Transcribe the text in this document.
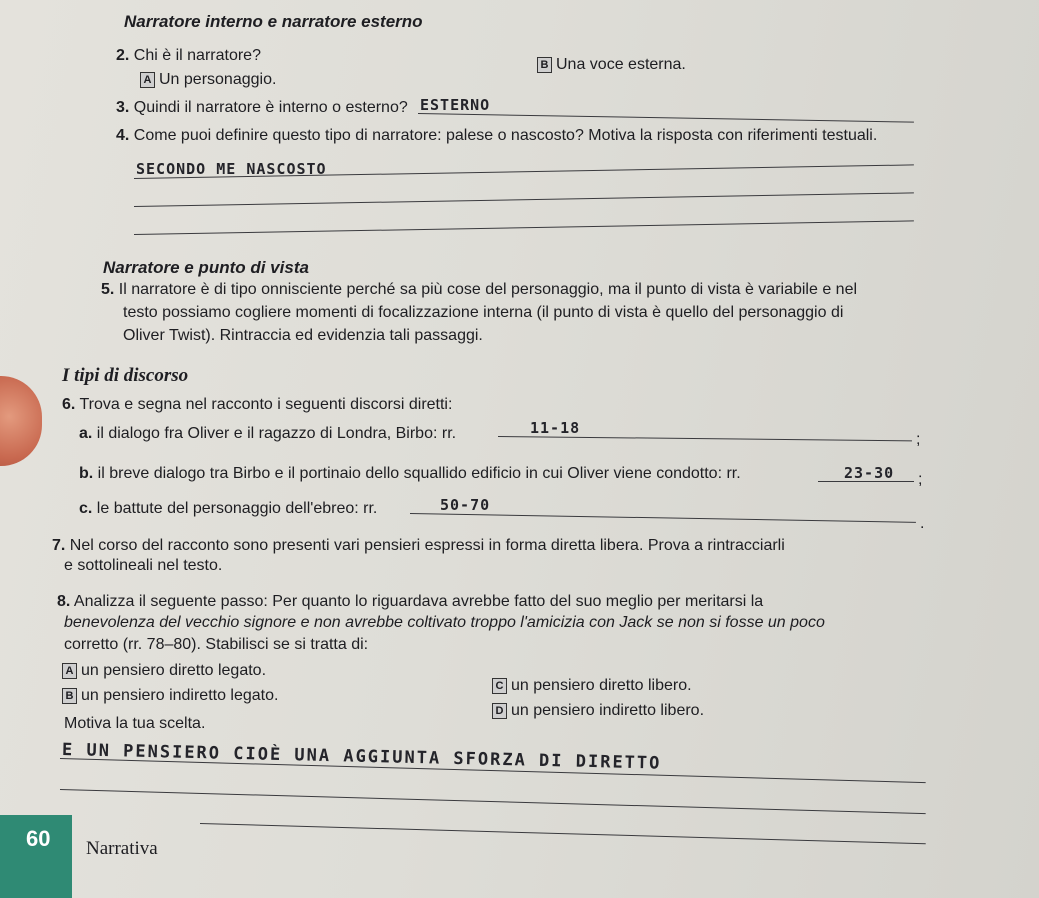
Narratore interno e narratore esterno
2. Chi è il narratore?
A Un personaggio.
B Una voce esterna.
3. Quindi il narratore è interno o esterno? ESTERNO
4. Come puoi definire questo tipo di narratore: palese o nascosto? Motiva la risposta con riferimenti testuali.
SECONDO ME NASCOSTO
Narratore e punto di vista
5. Il narratore è di tipo onnisciente perché sa più cose del personaggio, ma il punto di vista è variabile e nel
testo possiamo cogliere momenti di focalizzazione interna (il punto di vista è quello del personaggio di
Oliver Twist). Rintraccia ed evidenzia tali passaggi.
I tipi di discorso
6. Trova e segna nel racconto i seguenti discorsi diretti:
a. il dialogo fra Oliver e il ragazzo di Londra, Birbo: rr.	11-18
;
b. il breve dialogo tra Birbo e il portinaio dello squallido edificio in cui Oliver viene condotto: rr.	23-30 ;
c. le battute del personaggio dell'ebreo: rr.	50-70
.
7. Nel corso del racconto sono presenti vari pensieri espressi in forma diretta libera. Prova a rintracciarli
e sottolineali nel testo.
8. Analizza il seguente passo: Per quanto lo riguardava avrebbe fatto del suo meglio per meritarsi la
benevolenza del vecchio signore e non avrebbe coltivato troppo l'amicizia con Jack se non si fosse un poco
corretto (rr. 78–80). Stabilisci se si tratta di:
A un pensiero diretto legato.
B un pensiero indiretto legato.
C un pensiero diretto libero.
D un pensiero indiretto libero.
Motiva la tua scelta.
E UN PENSIERO CIOÈ UNA AGGIUNTA SFORZA DI DIRETTO
60 Narrativa
